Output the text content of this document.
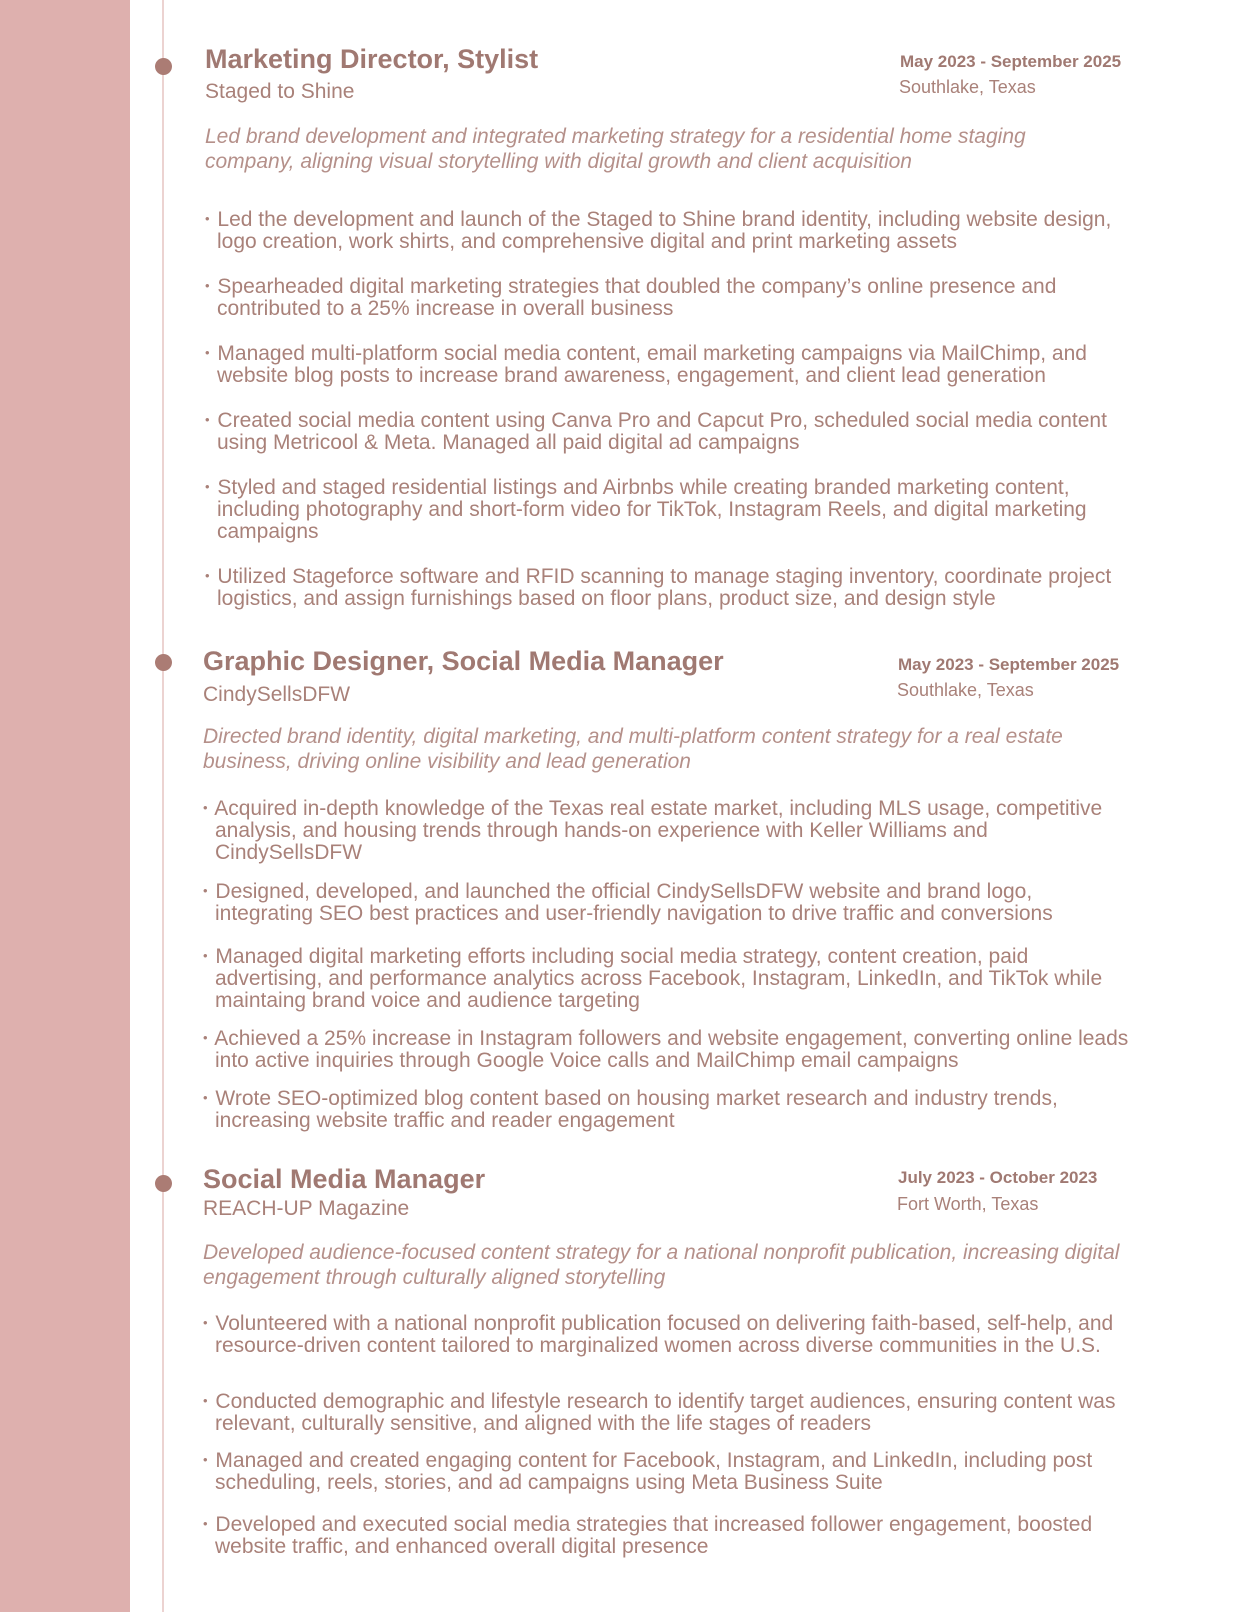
Marketing Director, Stylist
Staged to Shine
May 2023 - September 2025
Southlake, Texas

Led brand development and integrated marketing strategy for a residential home staging company, aligning visual storytelling with digital growth and client acquisition

• Led the development and launch of the Staged to Shine brand identity, including website design, logo creation, work shirts, and comprehensive digital and print marketing assets

• Spearheaded digital marketing strategies that doubled the company’s online presence and contributed to a 25% increase in overall business

• Managed multi-platform social media content, email marketing campaigns via MailChimp, and website blog posts to increase brand awareness, engagement, and client lead generation

• Created social media content using Canva Pro and Capcut Pro, scheduled social media content using Metricool & Meta. Managed all paid digital ad campaigns

• Styled and staged residential listings and Airbnbs while creating branded marketing content, including photography and short-form video for TikTok, Instagram Reels, and digital marketing campaigns

• Utilized Stageforce software and RFID scanning to manage staging inventory, coordinate project logistics, and assign furnishings based on floor plans, product size, and design style

Graphic Designer, Social Media Manager
CindySellsDFW
May 2023 - September 2025
Southlake, Texas

Directed brand identity, digital marketing, and multi-platform content strategy for a real estate business, driving online visibility and lead generation

• Acquired in-depth knowledge of the Texas real estate market, including MLS usage, competitive analysis, and housing trends through hands-on experience with Keller Williams and CindySellsDFW

• Designed, developed, and launched the official CindySellsDFW website and brand logo, integrating SEO best practices and user-friendly navigation to drive traffic and conversions

• Managed digital marketing efforts including social media strategy, content creation, paid advertising, and performance analytics across Facebook, Instagram, LinkedIn, and TikTok while maintaing brand voice and audience targeting

• Achieved a 25% increase in Instagram followers and website engagement, converting online leads into active inquiries through Google Voice calls and MailChimp email campaigns

• Wrote SEO-optimized blog content based on housing market research and industry trends, increasing website traffic and reader engagement

Social Media Manager
REACH-UP Magazine
July 2023 - October 2023
Fort Worth, Texas

Developed audience-focused content strategy for a national nonprofit publication, increasing digital engagement through culturally aligned storytelling

• Volunteered with a national nonprofit publication focused on delivering faith-based, self-help, and resource-driven content tailored to marginalized women across diverse communities in the U.S.

• Conducted demographic and lifestyle research to identify target audiences, ensuring content was relevant, culturally sensitive, and aligned with the life stages of readers

• Managed and created engaging content for Facebook, Instagram, and LinkedIn, including post scheduling, reels, stories, and ad campaigns using Meta Business Suite

• Developed and executed social media strategies that increased follower engagement, boosted website traffic, and enhanced overall digital presence
